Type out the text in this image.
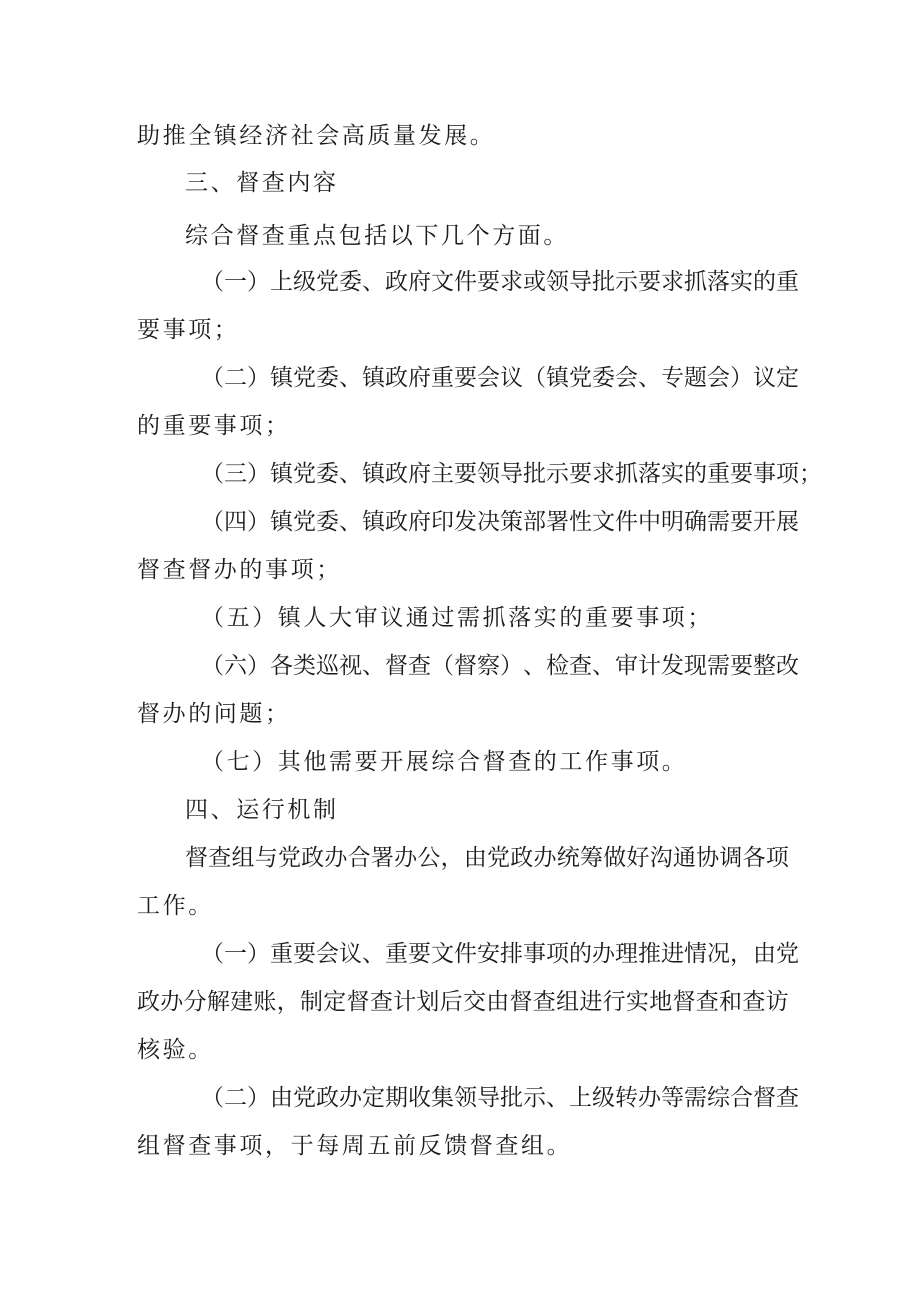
助推全镇经济社会高质量发展。
三、督查内容
综合督查重点包括以下几个方面。
（ 一 ） 上 级 党 委 、 政 府 文 件 要 求 或 领 导 批 示 要 求 抓 落 实 的 重
要事项；
（ 二 ） 镇 党 委 、 镇 政 府 重 要 会 议 （ 镇 党 委 会 、 专 题 会 ） 议 定
的重要事项；
（ 三 ） 镇 党 委 、 镇 政 府 主 要 领 导 批 示 要 求 抓 落 实 的 重 要 事 项 ；
（ 四 ） 镇 党 委 、 镇 政 府 印 发 决 策 部 署 性 文 件 中 明 确 需 要 开 展
督查督办的事项；
（五）镇人大审议通过需抓落实的重要事项；
（ 六 ） 各 类 巡 视 、 督 查 （ 督 察 ） 、 检 查 、 审 计 发 现 需 要 整 改
督办的问题；
（七）其他需要开展综合督查的工作事项。
四、运行机制
督 查 组 与 党 政 办 合 署 办 公 ， 由 党 政 办 统 筹 做 好 沟 通 协 调 各 项
工作。
（ 一 ） 重 要 会 议 、 重 要 文 件 安 排 事 项 的 办 理 推 进 情 况 ， 由 党
政 办 分 解 建 账 ， 制 定 督 查 计 划 后 交 由 督 查 组 进 行 实 地 督 查 和 查 访
核验。
（ 二 ） 由 党 政 办 定 期 收 集 领 导 批 示 、 上 级 转 办 等 需 综 合 督 查
组督查事项，于每周五前反馈督查组。
